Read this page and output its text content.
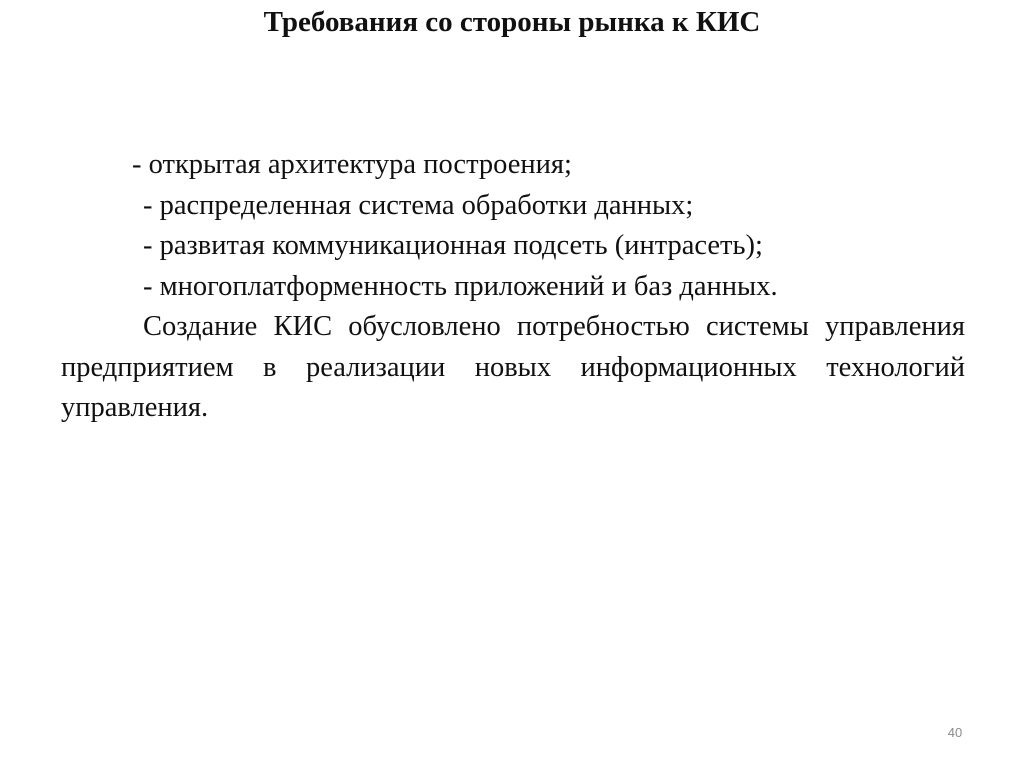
Требования со стороны рынка к КИС
- открытая архитектура построения;
- распределенная система обработки данных;
- развитая коммуникационная подсеть (интрасеть);
- многоплатформенность приложений и баз данных.

Создание КИС обусловлено потребностью системы управления предприятием в реализации новых информационных технологий управления.

40
